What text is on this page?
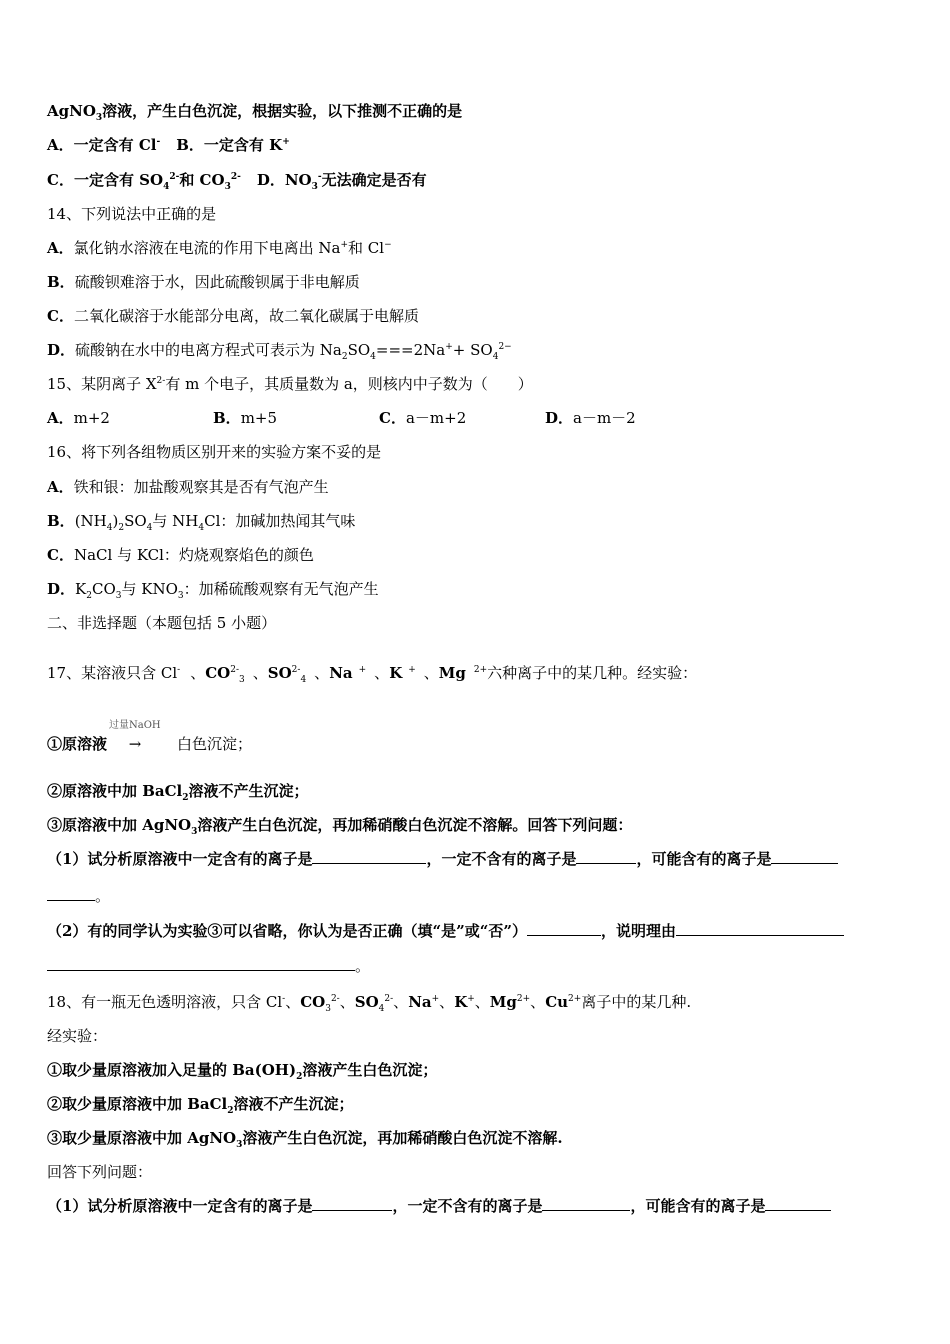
AgNO$_3$溶液，产生白色沉淀，根据实验，以下推测不正确的是
A．一定含有 Cl- B．一定含有 K+
C．一定含有 $SO_4^{2-}$和 $CO_3^{2-}$ D．$NO_3^-$无法确定是否有
14、下列说法中正确的是
A．氯化钠水溶液在电流的作用下电离出 Na+和 Cl−
B．硫酸钡难溶于水，因此硫酸钡属于非电解质
C．二氧化碳溶于水能部分电离，故二氧化碳属于电解质
D．硫酸钠在水中的电离方程式可表示为 $Na_2SO_4===2Na^++ SO_4^{2-}$
15、某阴离子 $X^{2-}$有 m 个电子，其质量数为 a，则核内中子数为（　　）
A．m+2	B．m+5	C．a－m+2	D．a－m－2
16、将下列各组物质区别开来的实验方案不妥的是
A．铁和银：加盐酸观察其是否有气泡产生
B．$(NH_4)_2SO_4$与 $NH_4Cl$：加碱加热闻其气味
C．NaCl 与 KCl：灼烧观察焰色的颜色
D．$K_2CO_3$与 $KNO_3$：加稀硫酸观察有无气泡产生
二、非选择题（本题包括 5 小题）
17、某溶液只含 Cl- 、$CO^{2-}_3$ 、$SO^{2-}_4$ 、Na + 、K + 、Mg $^{2+}$六种离子中的某几种。经实验：
①原溶液
过量NaOH
→ 白色沉淀；
②原溶液中加 BaCl$_2$溶液不产生沉淀；
③原溶液中加 AgNO$_3$溶液产生白色沉淀，再加稀硝酸白色沉淀不溶解。回答下列问题：
（1）试分析原溶液中一定含有的离子是	，一定不含有的离子是	，可能含有的离子是
。
（2）有的同学认为实验③可以省略，你认为是否正确（填“是”或“否”）	，说明理由
。
18、有一瓶无色透明溶液，只含 Cl-、$CO_3^{2-}$、$SO_4^{2-}$、Na+、K+、$Mg^{2+}$、$Cu^{2+}$离子中的某几种.
经实验：
①取少量原溶液加入足量的 $Ba(OH)_2$溶液产生白色沉淀；
②取少量原溶液中加 BaCl$_2$溶液不产生沉淀；
③取少量原溶液中加 AgNO$_3$溶液产生白色沉淀，再加稀硝酸白色沉淀不溶解.
回答下列问题：
（1）试分析原溶液中一定含有的离子是	，一定不含有的离子是	，可能含有的离子是
